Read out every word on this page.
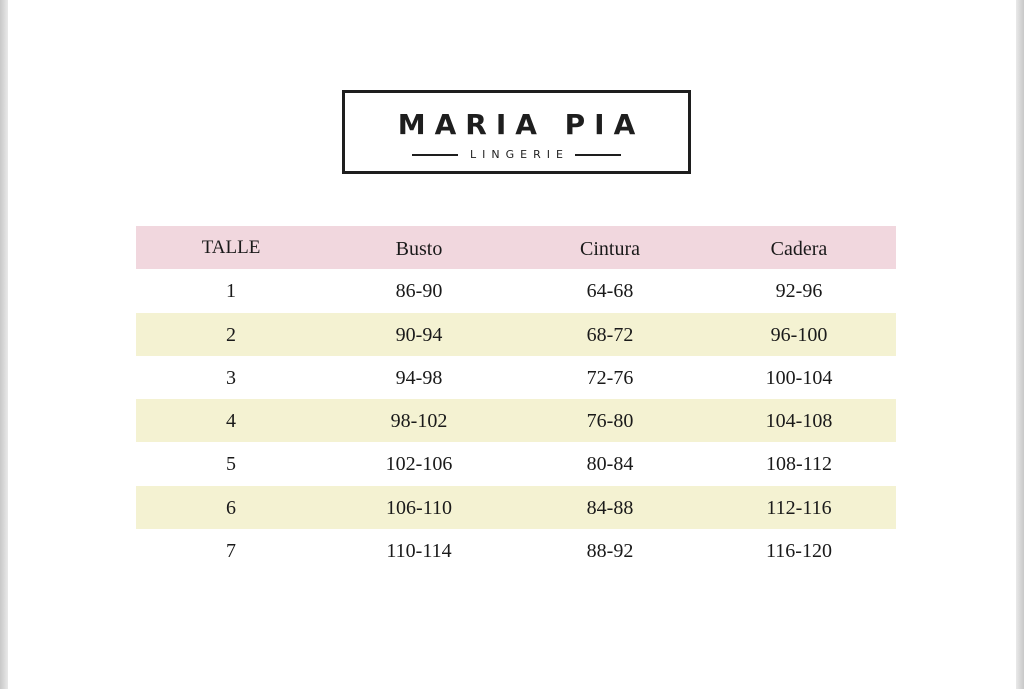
MARIA PIA
LINGERIE
TALLE	Busto	Cintura	Cadera
1	86-90	64-68	92-96
2	90-94	68-72	96-100
3	94-98	72-76	100-104
4	98-102	76-80	104-108
5	102-106	80-84	108-112
6	106-110	84-88	112-116
7	110-114	88-92	116-120
